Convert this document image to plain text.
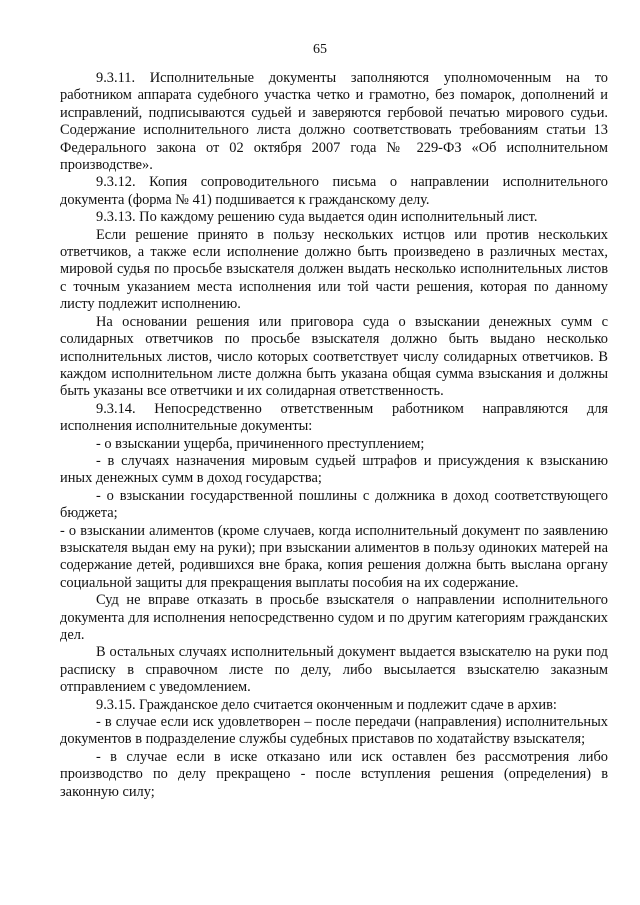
65

9.3.11. Исполнительные документы заполняются уполномоченным на то работником аппарата судебного участка четко и грамотно, без помарок, дополнений и исправлений, подписываются судьей и заверяются гербовой печатью мирового судьи. Содержание исполнительного листа должно соответствовать требованиям статьи 13 Федерального закона от 02 октября 2007 года № 229-ФЗ «Об исполнительном производстве».

9.3.12. Копия сопроводительного письма о направлении исполнительного документа (форма № 41) подшивается к гражданскому делу.

9.3.13. По каждому решению суда выдается один исполнительный лист.

Если решение принято в пользу нескольких истцов или против нескольких ответчиков, а также если исполнение должно быть произведено в различных местах, мировой судья по просьбе взыскателя должен выдать несколько исполнительных листов с точным указанием места исполнения или той части решения, которая по данному листу подлежит исполнению.

На основании решения или приговора суда о взыскании денежных сумм с солидарных ответчиков по просьбе взыскателя должно быть выдано несколько исполнительных листов, число которых соответствует числу солидарных ответчиков. В каждом исполнительном листе должна быть указана общая сумма взыскания и должны быть указаны все ответчики и их солидарная ответственность.

9.3.14. Непосредственно ответственным работником направляются для исполнения исполнительные документы:

- о взыскании ущерба, причиненного преступлением;

- в случаях назначения мировым судьей штрафов и присуждения к взысканию иных денежных сумм в доход государства;

- о взыскании государственной пошлины с должника в доход соответствующего бюджета;

- о взыскании алиментов (кроме случаев, когда исполнительный документ по заявлению взыскателя выдан ему на руки); при взыскании алиментов в пользу одиноких матерей на содержание детей, родившихся вне брака, копия решения должна быть выслана органу социальной защиты для прекращения выплаты пособия на их содержание.

Суд не вправе отказать в просьбе взыскателя о направлении исполнительного документа для исполнения непосредственно судом и по другим категориям гражданских дел.

В остальных случаях исполнительный документ выдается взыскателю на руки под расписку в справочном листе по делу, либо высылается взыскателю заказным отправлением с уведомлением.

9.3.15. Гражданское дело считается оконченным и подлежит сдаче в архив:

- в случае если иск удовлетворен – после передачи (направления) исполнительных документов в подразделение службы судебных приставов по ходатайству взыскателя;

- в случае если в иске отказано или иск оставлен без рассмотрения либо производство по делу прекращено - после вступления решения (определения) в законную силу;
